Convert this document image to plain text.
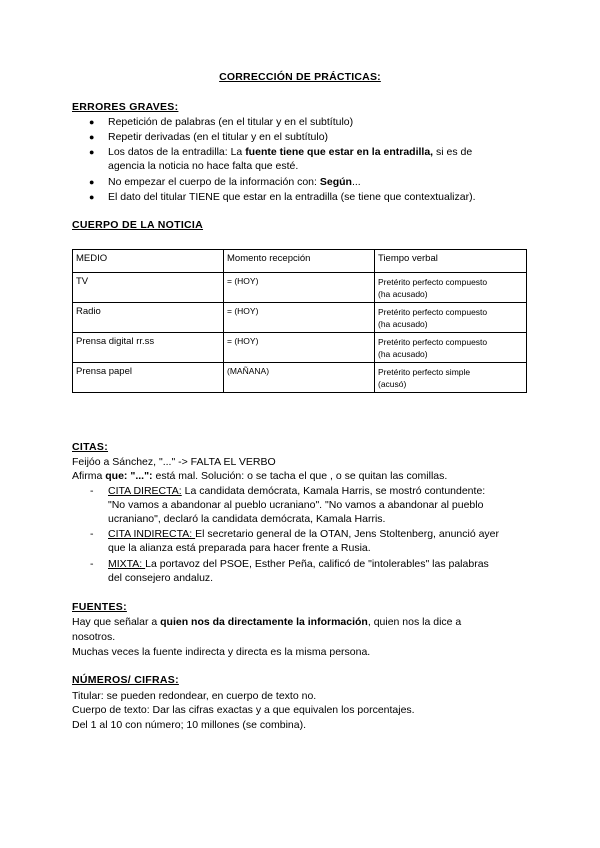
CORRECCIÓN DE PRÁCTICAS:
ERRORES GRAVES:
● Repetición de palabras (en el titular y en el subtítulo)
● Repetir derivadas (en el titular y en el subtítulo)
● Los datos de la entradilla: La fuente tiene que estar en la entradilla, si es de
agencia la noticia no hace falta que esté.
● No empezar el cuerpo de la información con: Según...
● El dato del titular TIENE que estar en la entradilla (se tiene que contextualizar).
CUERPO DE LA NOTICIA
MEDIO	Momento recepción	Tiempo verbal
TV	= (HOY)	Pretérito perfecto compuesto
(ha acusado)

Radio	= (HOY)	Pretérito perfecto compuesto
(ha acusado)

Prensa digital rr.ss	= (HOY)	Pretérito perfecto compuesto
(ha acusado)

Prensa papel	(MAÑANA)	Pretérito perfecto simple
(acusó)
CITAS:
Feijóo a Sánchez, "..." -> FALTA EL VERBO
Afirma que: "...": está mal. Solución: o se tacha el que , o se quitan las comillas.
- CITA DIRECTA: La candidata demócrata, Kamala Harris, se mostró contundente:
"No vamos a abandonar al pueblo ucraniano". "No vamos a abandonar al pueblo
ucraniano", declaró la candidata demócrata, Kamala Harris.
- CITA INDIRECTA: El secretario general de la OTAN, Jens Stoltenberg, anunció ayer
que la alianza está preparada para hacer frente a Rusia.
- MIXTA: La portavoz del PSOE, Esther Peña, calificó de "intolerables" las palabras
del consejero andaluz.
FUENTES:
Hay que señalar a quien nos da directamente la información, quien nos la dice a
nosotros.
Muchas veces la fuente indirecta y directa es la misma persona.
NÚMEROS/ CIFRAS:
Titular: se pueden redondear, en cuerpo de texto no.
Cuerpo de texto: Dar las cifras exactas y a que equivalen los porcentajes.
Del 1 al 10 con número; 10 millones (se combina).
